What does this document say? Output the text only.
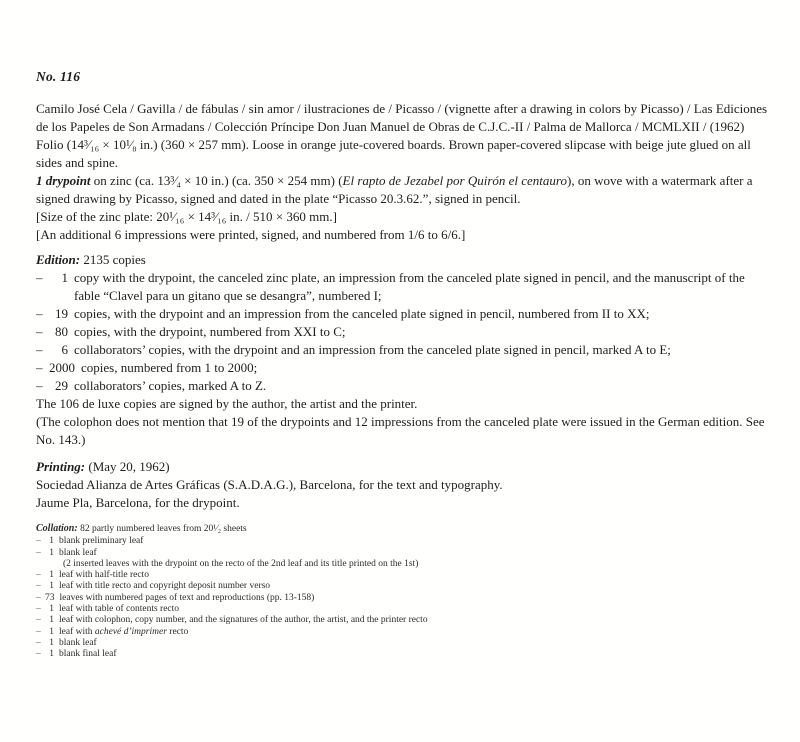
No. 116

Camilo José Cela / Gavilla / de fábulas / sin amor / ilustraciones de / Picasso / (vignette after a drawing in colors by Picasso) / Las Ediciones de los Papeles de Son Armadans / Colección Príncipe Don Juan Manuel de Obras de C.J.C.-II / Palma de Mallorca / MCMLXII / (1962)

Folio (14³⁄₁₆ × 10¹⁄₈ in.) (360 × 257 mm). Loose in orange jute-covered boards. Brown paper-covered slipcase with beige jute glued on all sides and spine.

1 drypoint on zinc (ca. 13³⁄₄ × 10 in.) (ca. 350 × 254 mm) (El rapto de Jezabel por Quirón el centauro), on wove with a watermark after a signed drawing by Picasso, signed and dated in the plate “Picasso 20.3.62.”, signed in pencil.

[Size of the zinc plate: 20¹⁄₁₆ × 14³⁄₁₆ in. / 510 × 360 mm.]

[An additional 6 impressions were printed, signed, and numbered from 1/6 to 6/6.]

Edition: 2135 copies

–	1 copy with the drypoint, the canceled zinc plate, an impression from the canceled plate signed in pencil, and the manuscript of the fable “Clavel para un gitano que se desangra”, numbered I;
– 19 copies, with the drypoint and an impression from the canceled plate signed in pencil, numbered from II to XX;
– 80 copies, with the drypoint, numbered from XXI to C;
–	6 collaborators’ copies, with the drypoint and an impression from the canceled plate signed in pencil, marked A to E;
– 2000 copies, numbered from 1 to 2000;
– 29 collaborators’ copies, marked A to Z.

The 106 de luxe copies are signed by the author, the artist and the printer.

(The colophon does not mention that 19 of the drypoints and 12 impressions from the canceled plate were issued in the German edition. See No. 143.)

Printing: (May 20, 1962)

Sociedad Alianza de Artes Gráficas (S.A.D.A.G.), Barcelona, for the text and typography.

Jaume Pla, Barcelona, for the drypoint.

Collation: 82 partly numbered leaves from 20¹⁄₂ sheets

– 1 blank preliminary leaf
– 1 blank leaf
(2 inserted leaves with the drypoint on the recto of the 2nd leaf and its title printed on the 1st)
– 1 leaf with half-title recto
– 1 leaf with title recto and copyright deposit number verso
– 73 leaves with numbered pages of text and reproductions (pp. 13-158)
– 1 leaf with table of contents recto
– 1 leaf with colophon, copy number, and the signatures of the author, the artist, and the printer recto
– 1 leaf with achevé d’imprimer recto
– 1 blank leaf
– 1 blank final leaf
